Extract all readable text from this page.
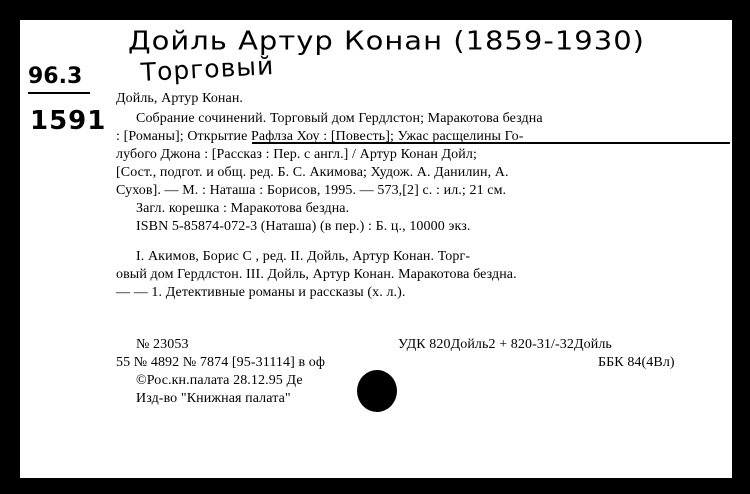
Дойль Артур Конан (1859-1930)
Торговый
96.3
1591
Дойль, Артур Конан.
Собрание сочинений. Торговый дом Гердлстон; Маракотова бездна
: [Романы]; Открытие Рафлза Хоу : [Повесть]; Ужас расщелины Го-
лубого Джона : [Рассказ : Пер. с англ.] / Артур Конан Дойл;
[Сост., подгот. и общ. ред. Б. С. Акимова; Худож. А. Данилин, А.
Сухов]. — М. : Наташа : Борисов, 1995. — 573,[2] с. : ил.; 21 см.
Загл. корешка : Маракотова бездна.
ISBN 5-85874-072-3 (Наташа) (в пер.) : Б. ц., 10000 экз.
I. Акимов, Борис С , ред. II. Дойль, Артур Конан. Торг-
овый дом Гердлстон. III. Дойль, Артур Конан. Маракотова бездна.
— — 1. Детективные романы и рассказы (х. л.).
№ 23053	УДК 820Дойль2 + 820-31/-32Дойль
55 № 4892 № 7874 [95-31114] в оф	ББК 84(4Вл)
©Рос.кн.палата 28.12.95 Де
Изд-во "Книжная палата"
